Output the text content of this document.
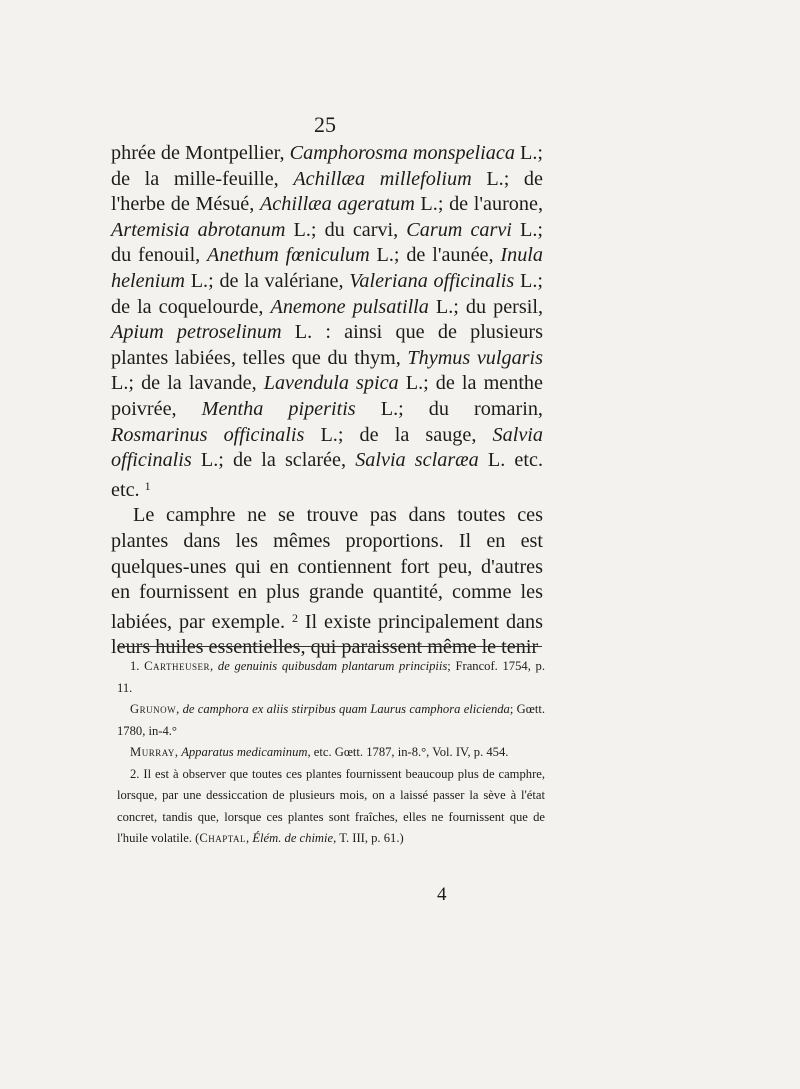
25

phrée de Montpellier, Camphorosma monspeliaca L.; de la mille-feuille, Achillæa millefolium L.; de l'herbe de Mésué, Achillæa ageratum L.; de l'aurone, Artemisia abrotanum L.; du carvi, Carum carvi L.; du fenouil, Anethum fœniculum L.; de l'aunée, Inula helenium L.; de la valériane, Valeriana officinalis L.; de la coquelourde, Anemone pulsatilla L.; du persil, Apium petroselinum L. : ainsi que de plusieurs plantes labiées, telles que du thym, Thymus vulgaris L.; de la lavande, Lavendula spica L.; de la menthe poivrée, Mentha piperitis L.; du romarin, Rosmarinus officinalis L.; de la sauge, Salvia officinalis L.; de la sclarée, Salvia sclaræa L. etc. etc. $^1$

Le camphre ne se trouve pas dans toutes ces plantes dans les mêmes proportions. Il en est quelques-unes qui en contiennent fort peu, d'autres en fournissent en plus grande quantité, comme les labiées, par exemple. $^2$ Il existe principalement dans leurs huiles essentielles, qui paraissent même le tenir

1. Cartheuser, de genuinis quibusdam plantarum principiis; Francof. 1754, p. 11.

Grunow, de camphora ex aliis stirpibus quam Laurus camphora elicienda; Gœtt. 1780, in-4.°

Murray, Apparatus medicaminum, etc. Gœtt. 1787, in-8.°, Vol. IV, p. 454.

2. Il est à observer que toutes ces plantes fournissent beaucoup plus de camphre, lorsque, par une dessiccation de plusieurs mois, on a laissé passer la sève à l'état concret, tandis que, lorsque ces plantes sont fraîches, elles ne fournissent que de l'huile volatile. (Chaptal, Élém. de chimie, T. III, p. 61.)

4
